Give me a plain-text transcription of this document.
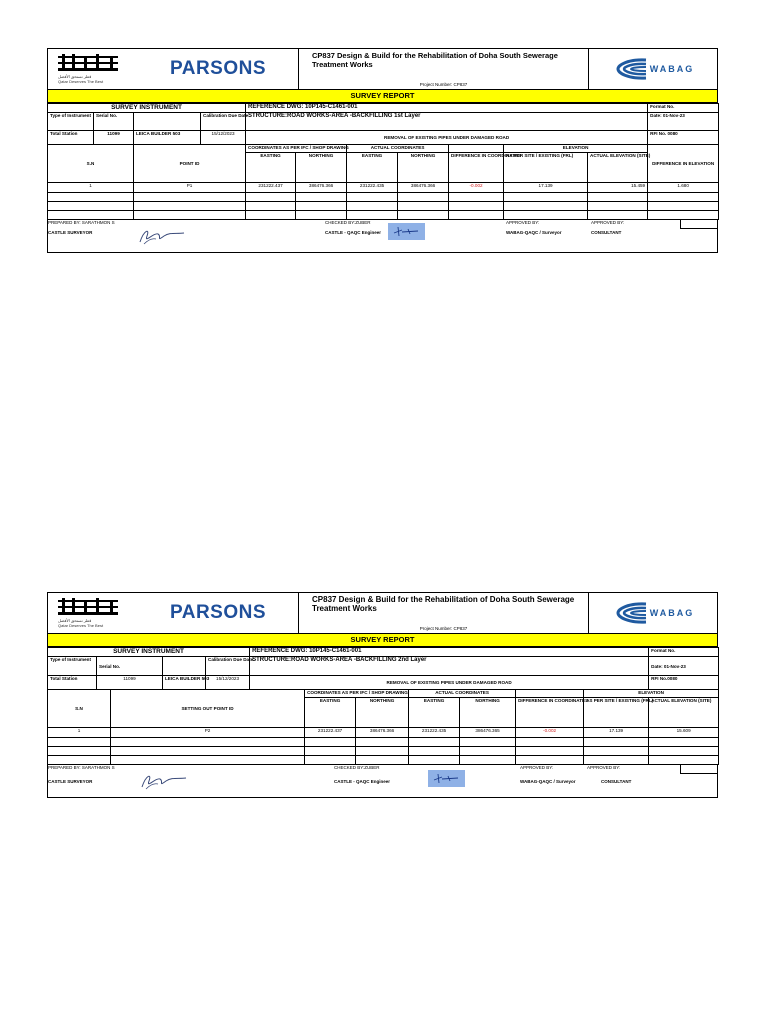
قطر تستحق الأفضل
Qatar Deserves The Best
PARSONS
CP837 Design & Build for the Rehabilitation of Doha South Sewerage Treatment Works
Project Number: CP837
WABAG
SURVEY REPORT
SURVEY INSTRUMENT				REFERENCE DWG: 10P145-C1461-001							Format No.
Type of Instrument	Serial No.		Calibration Due Date	STRUCTURE:ROAD WORKS-AREA -BACKFILLING 1st Layer							Date: 01-Nov-23
Total Station	11099	LEICA BUILDER 503	15/12/2023	REMOVAL OF EXISTING PIPES UNDER DAMAGED ROAD							RFI No. 0080
S.N		POINT ID		COORDINATES AS PER IFC / SHOP DRAWING		ACTUAL COORDINATES			ELEVATION		DIFFERENCE IN ELEVATION
				EASTING	NORTHING	EASTING	NORTHING	DIFFERENCE IN COORDINATES	AS PER SITE / EXISTING (FRL)	ACTUAL ELEVATION (SITE)	
1		P1		231222.437	386476.366	231222.435	386476.366	-0.002	17.139	15.459	1.680

PREPARED BY: SARATHMON S	CHECKED BY:ZUBER	APPROVED BY:	APPROVED BY:
CASTLE SURVEYOR	CASTLE - QAQC Engineer	WABAG-QAQC / Surveyor	CONSULTANT
قطر تستحق الأفضل
Qatar Deserves The Best
PARSONS
CP837 Design & Build for the Rehabilitation of Doha South Sewerage Treatment Works
Project Number: CP837
WABAG
SURVEY REPORT
SURVEY INSTRUMENT					REFERENCE DWG: 10P145-C1461-001							Format No.
Type of Instrument	Serial No.			Calibration Due Date	STRUCTURE:ROAD WORKS-AREA -BACKFILLING 2nd Layer							Date: 01-Nov-23
Total Station	11099		LEICA BUILDER 503	15/12/2023	REMOVAL OF EXISTING PIPES UNDER DAMAGED ROAD							RFI No.0080
S.N		SETTING OUT POINT ID				COORDINATES AS PER IFC / SHOP DRAWING		ACTUAL COORDINATES			ELEVATION	
						EASTING	NORTHING	EASTING	NORTHING	DIFFERENCE IN COORDINATES	AS PER SITE / EXISTING (FRL)	ACTUAL ELEVATION (SITE)
1		P2				231222.437	386476.366	231222.435	386476.365	-0.002	17.139	15.609

PREPARED BY: SARATHMON S	CHECKED BY:ZUBER	APPROVED BY:	APPROVED BY:
CASTLE SURVEYOR	CASTLE - QAQC Engineer	WABAG-QAQC / Surveyor	CONSULTANT
